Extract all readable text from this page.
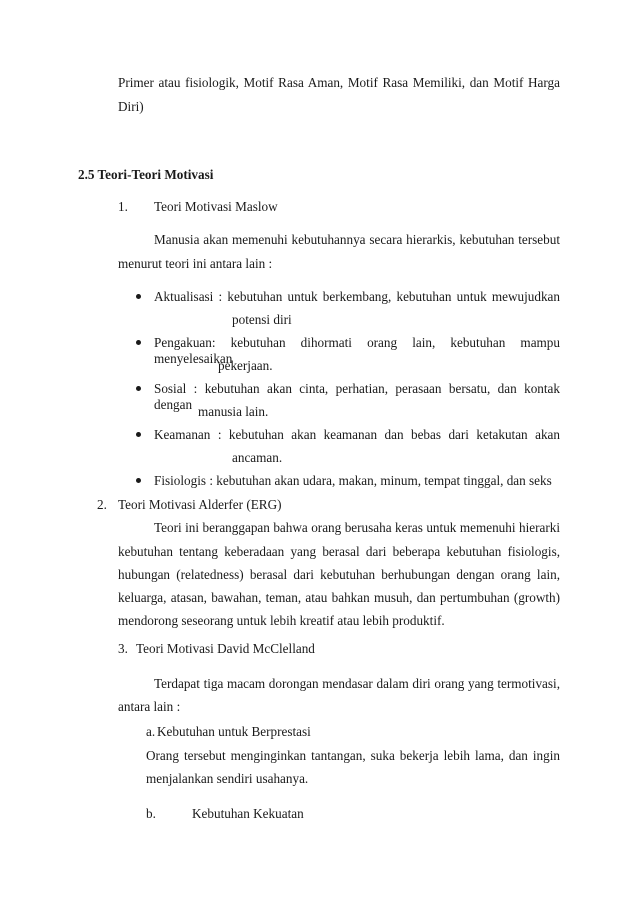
Primer atau fisiologik, Motif Rasa Aman, Motif Rasa Memiliki, dan Motif Harga
Diri)
2.5 Teori-Teori Motivasi
1. Teori Motivasi Maslow
Manusia akan memenuhi kebutuhannya secara hierarkis, kebutuhan tersebut
menurut teori ini antara lain :
Aktualisasi : kebutuhan untuk berkembang, kebutuhan untuk mewujudkan
potensi diri
Pengakuan: kebutuhan dihormati orang lain, kebutuhan mampu menyelesaikan
pekerjaan.
Sosial : kebutuhan akan cinta, perhatian, perasaan bersatu, dan kontak dengan manusia lain.
Keamanan : kebutuhan akan keamanan dan bebas dari ketakutan akan
ancaman.
Fisiologis : kebutuhan akan udara, makan, minum, tempat tinggal, dan seks
2. Teori Motivasi Alderfer (ERG)
Teori ini beranggapan bahwa orang berusaha keras untuk memenuhi hierarki
kebutuhan tentang keberadaan yang berasal dari beberapa kebutuhan fisiologis,
hubungan (relatedness) berasal dari kebutuhan berhubungan dengan orang lain,
keluarga, atasan, bawahan, teman, atau bahkan musuh, dan pertumbuhan (growth)
mendorong seseorang untuk lebih kreatif atau lebih produktif.
3. Teori Motivasi David McClelland
Terdapat tiga macam dorongan mendasar dalam diri orang yang termotivasi,
antara lain :
a. Kebutuhan untuk Berprestasi
Orang tersebut menginginkan tantangan, suka bekerja lebih lama, dan ingin
menjalankan sendiri usahanya.
b.	Kebutuhan Kekuatan
